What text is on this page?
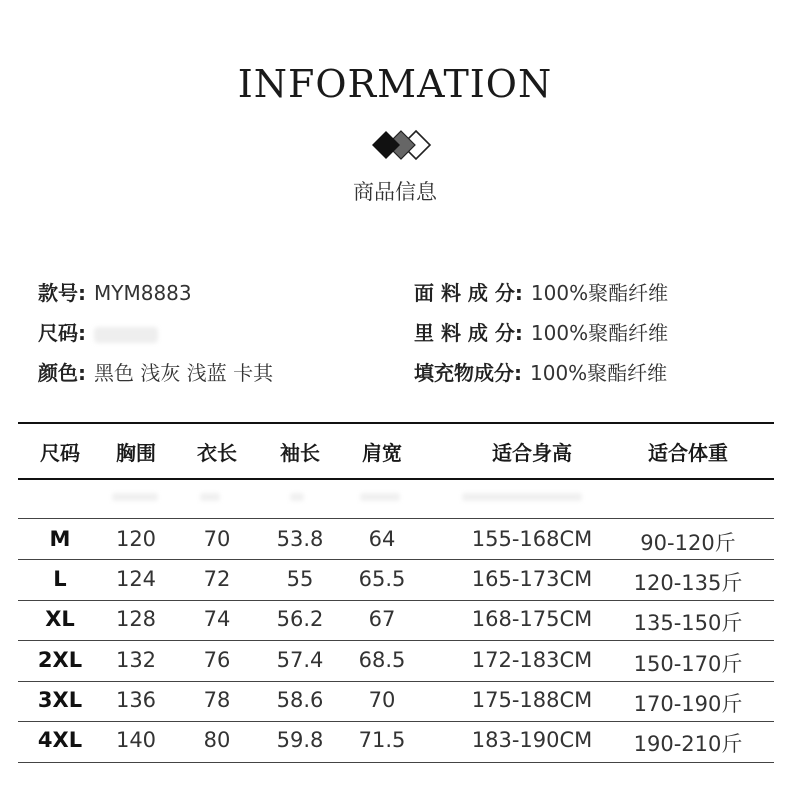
INFORMATION
商品信息
款号: MYM8883
尺码:
颜色: 黑色 浅灰 浅蓝 卡其
面 料 成 分: 100%聚酯纤维
里 料 成 分: 100%聚酯纤维
填充物成分: 100%聚酯纤维
尺码	胸围	衣长	袖长	肩宽	适合身高	适合体重
M	120	70	53.8	64	155-168CM	90-120斤
L	124	72	55	65.5	165-173CM	120-135斤
XL	128	74	56.2	67	168-175CM	135-150斤
2XL	132	76	57.4	68.5	172-183CM	150-170斤
3XL	136	78	58.6	70	175-188CM	170-190斤
4XL	140	80	59.8	71.5	183-190CM	190-210斤
